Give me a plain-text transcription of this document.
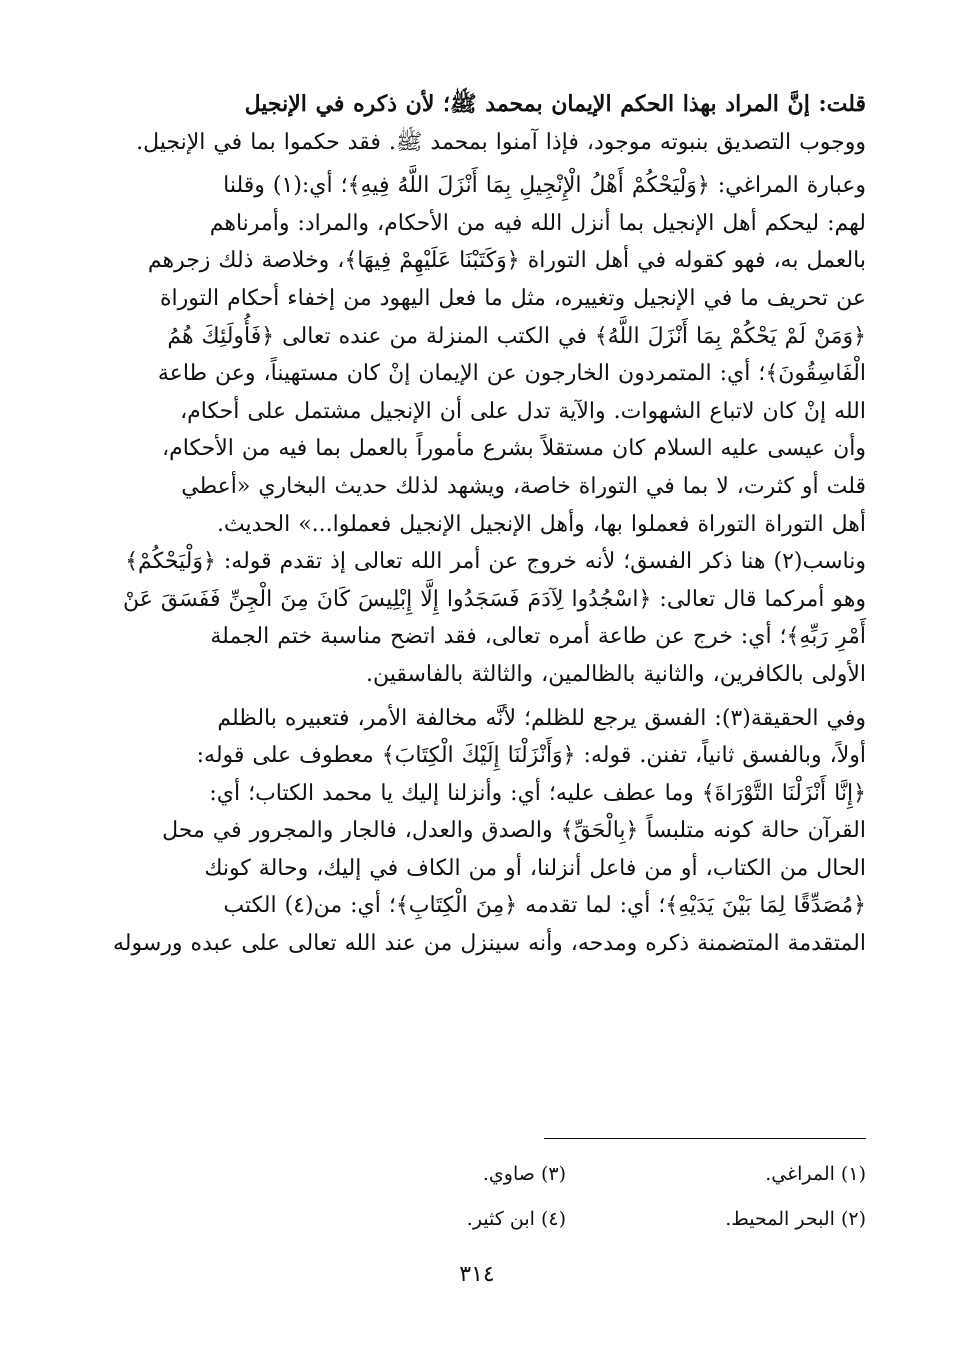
قلت: إنَّ المراد بهذا الحكم الإيمان بمحمد ﷺ؛ لأن ذكره في الإنجيل

ووجوب التصديق بنبوته موجود، فإذا آمنوا بمحمد ﷺ. فقد حكموا بما في الإنجيل.

وعبارة المراغي: ﴿وَلْيَحْكُمْ أَهْلُ الْإِنْجِيلِ بِمَا أَنْزَلَ اللَّهُ فِيهِ﴾؛ أي:(١) وقلنا

لهم: ليحكم أهل الإنجيل بما أنزل الله فيه من الأحكام، والمراد: وأمرناهم

بالعمل به، فهو كقوله في أهل التوراة ﴿وَكَتَبْنَا عَلَيْهِمْ فِيهَا﴾، وخلاصة ذلك زجرهم

عن تحريف ما في الإنجيل وتغييره، مثل ما فعل اليهود من إخفاء أحكام التوراة

﴿وَمَنْ لَمْ يَحْكُمْ بِمَا أَنْزَلَ اللَّهُ﴾ في الكتب المنزلة من عنده تعالى ﴿فَأُولَئِكَ هُمُ

الْفَاسِقُونَ﴾؛ أي: المتمردون الخارجون عن الإيمان إنْ كان مستهيناً، وعن طاعة

الله إنْ كان لاتباع الشهوات. والآية تدل على أن الإنجيل مشتمل على أحكام،

وأن عيسى عليه السلام كان مستقلاً بشرع مأموراً بالعمل بما فيه من الأحكام،

قلت أو كثرت، لا بما في التوراة خاصة، ويشهد لذلك حديث البخاري «أعطي

أهل التوراة التوراة فعملوا بها، وأهل الإنجيل الإنجيل فعملوا...» الحديث.

وناسب(٢) هنا ذكر الفسق؛ لأنه خروج عن أمر الله تعالى إذ تقدم قوله: ﴿وَلْيَحْكُمْ﴾

وهو أمركما قال تعالى: ﴿اسْجُدُوا لِآدَمَ فَسَجَدُوا إِلَّا إِبْلِيسَ كَانَ مِنَ الْجِنِّ فَفَسَقَ عَنْ

أَمْرِ رَبِّهِ﴾؛ أي: خرج عن طاعة أمره تعالى، فقد اتضح مناسبة ختم الجملة

الأولى بالكافرين، والثانية بالظالمين، والثالثة بالفاسقين.

وفي الحقيقة(٣): الفسق يرجع للظلم؛ لأنَّه مخالفة الأمر، فتعبيره بالظلم

أولاً، وبالفسق ثانياً، تفنن. قوله: ﴿وَأَنْزَلْنَا إِلَيْكَ الْكِتَابَ﴾ معطوف على قوله:

﴿إِنَّا أَنْزَلْنَا التَّوْرَاةَ﴾ وما عطف عليه؛ أي: وأنزلنا إليك يا محمد الكتاب؛ أي:

القرآن حالة كونه متلبساً ﴿بِالْحَقِّ﴾ والصدق والعدل، فالجار والمجرور في محل

الحال من الكتاب، أو من فاعل أنزلنا، أو من الكاف في إليك، وحالة كونك

﴿مُصَدِّقًا لِمَا بَيْنَ يَدَيْهِ﴾؛ أي: لما تقدمه ﴿مِنَ الْكِتَابِ﴾؛ أي: من(٤) الكتب

المتقدمة المتضمنة ذكره ومدحه، وأنه سينزل من عند الله تعالى على عبده ورسوله

(١) المراغي.
(٣) صاوي.
(٢) البحر المحيط.
(٤) ابن كثير.
٣١٤
